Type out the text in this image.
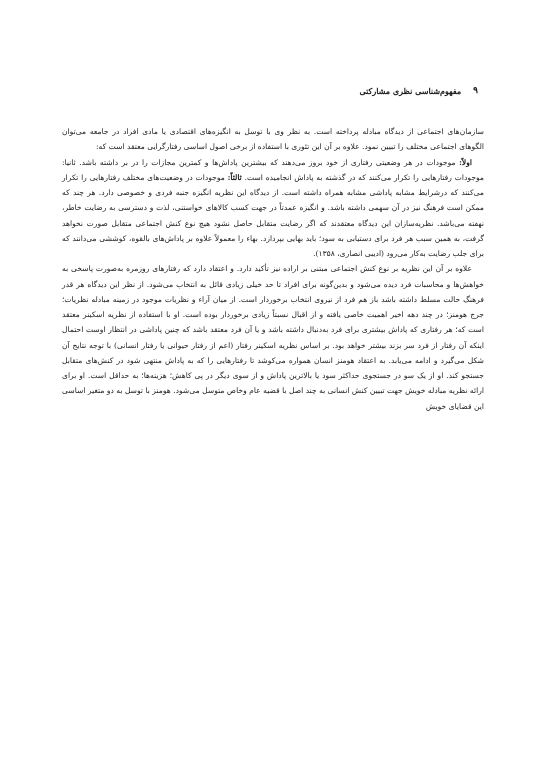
۹
مفهوم‌شناسی نظری مشارکتی

سازمان‌های اجتماعی از دیدگاه مبادله پرداخته است. به نظر وی با توسل به انگیزه‌های اقتصادی یا مادی افراد در جامعه می‌توان الگوهای اجتماعی مختلف را تبیین نمود. علاوه بر آن این تئوری با استفاده از برخی اصول اساسی رفتارگرایی معتقد است که:

اولاً: موجودات در هر وضعیتی رفتاری از خود بروز می‌دهند که بیشترین پاداش‌ها و کمترین مجازات را در بر داشته باشد. ثانیا: موجودات رفتارهایی را تکرار می‌کنند که در گذشته به پاداش انجامیده است. ثالثاً: موجودات در وضعیت‌های مختلف رفتارهایی را تکرار می‌کنند که درشرایط مشابه پاداشی مشابه همراه داشته است. از دیدگاه این نظریه انگیزه جنبه فردی و خصوصی دارد. هر چند که ممکن است فرهنگ نیز در آن سهمی داشته باشد. و انگیزه عمدتاً در جهت کسب کالاهای خواستنی، لذت و دسترسی به رضایت خاطر، نهفته می‌باشد. نظریه‌سازان این دیدگاه معتقدند که اگر رضایت متقابل حاصل نشود هیچ نوع کنش اجتماعی متقابل صورت نخواهد گرفت، به همین سبب هر فرد برای دستیابی به سود؛ باید بهایی بپردازد. بهاء را معمولاً علاوه بر پاداش‌های بالقوه، کوششی می‌دانند که برای جلب رضایت به‌کار می‌رود (ادیبی انصاری، ۱۳۵۸).

علاوه بر آن این نظریه بر نوع کنش اجتماعی مبتنی بر اراده نیز تأکید دارد. و اعتقاد دارد که رفتارهای روزمره به‌صورت پاسخی به خواهش‌ها و محاسبات فرد دیده می‌شود و بدین‌گونه برای افراد تا حد خیلی زیادی قائل به انتخاب می‌شود. از نظر این دیدگاه هر قدر فرهنگ حالت مسلط داشته باشد باز هم فرد از نیروی انتخاب برخوردار است. از میان آراء و نظریات موجود در زمینه مبادله نظریات؛ جرج هومنز؛ در چند دهه اخیر اهمیت خاصی یافته و از اقبال نسبتاً زیادی برخوردار بوده است. او با استفاده از نظریه اسکینر معتقد است که؛ هر رفتاری که پاداش بیشتری برای فرد به‌دنبال داشته باشد و یا آن فرد معتقد باشد که چنین پاداشی در انتظار اوست احتمال اینکه آن رفتار از فرد سر بزند بیشتر خواهد بود. بر اساس نظریه اسکینر رفتار (اعم از رفتار حیوانی یا رفتار انسانی) با توجه نتایج آن شکل می‌گیرد و ادامه می‌یابد. به اعتقاد هومنز انسان همواره می‌کوشد تا رفتارهایی را که به پاداش منتهی شود در کنش‌های متقابل جستجو کند. او از یک سو در جستجوی حداکثر سود یا بالاترین پاداش و از سوی دیگر در پی کاهش؛ هزینه‌ها؛ به حداقل است. او برای ارائه نظریه مبادله خویش جهت تبیین کنش انسانی به چند اصل با قضیه عام وخاص متوسل می‌شود. هومنز با توسل به دو متغیر اساسی این قضایای خویش
